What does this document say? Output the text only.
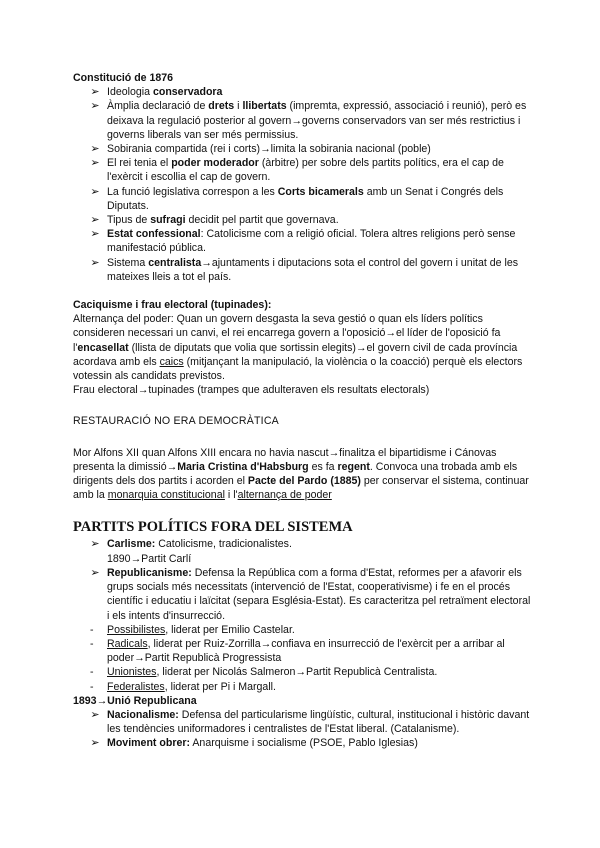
Constitució de 1876

➢ Ideologia conservadora
➢ Àmplia declaració de drets i llibertats (impremta, expressió, associació i reunió), però es deixava la regulació posterior al govern→governs conservadors van ser més restrictius i governs liberals van ser més permissius.
➢ Sobirania compartida (rei i corts)→limita la sobirania nacional (poble)
➢ El rei tenia el poder moderador (àrbitre) per sobre dels partits polítics, era el cap de l'exèrcit i escollia el cap de govern.
➢ La funció legislativa correspon a les Corts bicamerals amb un Senat i Congrés dels Diputats.
➢ Tipus de sufragi decidit pel partit que governava.
➢ Estat confessional: Catolicisme com a religió oficial. Tolera altres religions però sense manifestació pública.
➢ Sistema centralista→ajuntaments i diputacions sota el control del govern i unitat de les mateixes lleis a tot el país.

Caciquisme i frau electoral (tupinades):

Alternança del poder: Quan un govern desgasta la seva gestió o quan els líders polítics consideren necessari un canvi, el rei encarrega govern a l'oposició→el líder de l'oposició fa l'encasellat (llista de diputats que volia que sortissin elegits)→el govern civil de cada província acordava amb els caics (mitjançant la manipulació, la violència o la coacció) perquè els electors votessin als candidats previstos.

Frau electoral→tupinades (trampes que adulteraven els resultats electorals)

RESTAURACIÓ NO ERA DEMOCRÀTICA

Mor Alfons XII quan Alfons XIII encara no havia nascut→finalitza el bipartidisme i Cánovas presenta la dimissió→Maria Cristina d'Habsburg es fa regent. Convoca una trobada amb els dirigents dels dos partits i acorden el Pacte del Pardo (1885) per conservar el sistema, continuar amb la monarquia constitucional i l'alternança de poder

PARTITS POLÍTICS FORA DEL SISTEMA

➢ Carlisme: Catolicisme, tradicionalistes.
1890→Partit Carlí
➢ Republicanisme: Defensa la República com a forma d'Estat, reformes per a afavorir els grups socials més necessitats (intervenció de l'Estat, cooperativisme) i fe en el procés científic i educatiu i laïcitat (separa Església-Estat). Es caracteritza pel retraïment electoral i els intents d'insurrecció.
- Possibilistes, liderat per Emilio Castelar.
- Radicals, liderat per Ruiz-Zorrilla→confiava en insurrecció de l'exèrcit per a arribar al poder→Partit Republicà Progressista
- Unionistes, liderat per Nicolás Salmeron→Partit Republicà Centralista.
- Federalistes, liderat per Pi i Margall.

1893→Unió Republicana

➢ Nacionalisme: Defensa del particularisme lingüístic, cultural, institucional i històric davant les tendències uniformadores i centralistes de l'Estat liberal. (Catalanisme).
➢ Moviment obrer: Anarquisme i socialisme (PSOE, Pablo Iglesias)
